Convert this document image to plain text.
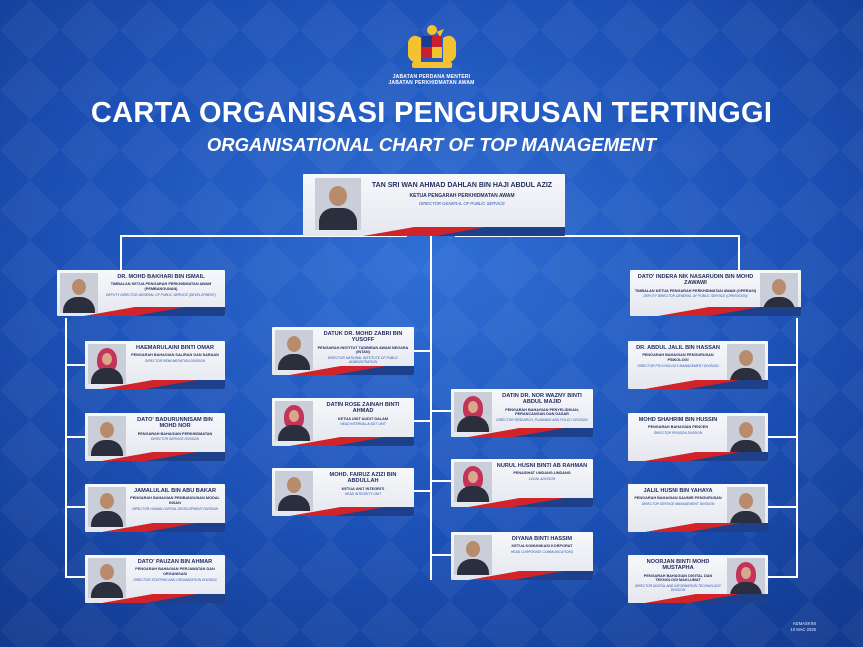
JABATAN PERDANA MENTERI
JABATAN PERKHIDMATAN AWAM
CARTA ORGANISASI PENGURUSAN TERTINGGI
ORGANISATIONAL CHART OF TOP MANAGEMENT
TAN SRI WAN AHMAD DAHLAN BIN HAJI ABDUL AZIZ
KETUA PENGARAH PERKHIDMATAN AWAM
DIRECTOR-GENERAL OF PUBLIC SERVICE
DR. MOHD BAKHARI BIN ISMAIL
TIMBALAN KETUA PENGARAH PERKHIDMATAN AWAM (PEMBANGUNAN)
DEPUTY DIRECTOR-GENERAL OF PUBLIC SERVICE (DEVELOPMENT)
DATO' INDERA NIK NASARUDIN BIN MOHD ZAWAWI
TIMBALAN KETUA PENGARAH PERKHIDMATAN AWAM (OPERASI)
DEPUTY DIRECTOR-GENERAL OF PUBLIC SERVICE (OPERATION)
HAEMARULAINI BINTI OMAR
PENGARAH BAHAGIAN SALIRAN DAN SARAAN
DIRECTOR REMUNERATION DIVISION
DATO' BADURUNNISAM BIN MOHD NOR
PENGARAH BAHAGIAN PERKHIDMATAN
DIRECTOR SERVICE DIVISION
JAMALULAIL BIN ABU BAKAR
PENGARAH BAHAGIAN PEMBANGUNAN MODAL INSAN
DIRECTOR HUMAN CAPITAL DEVELOPMENT DIVISION
DATO' PAUZAN BIN AHMAR
PENGARAH BAHAGIAN PERJAWATAN DAN ORGANISASI
DIRECTOR STAFFING AND ORGANIZATION DIVISION
DATUK DR. MOHD ZABRI BIN YUSOFF
PENGARAH INSTITUT TADBIRAN AWAM NEGARA (INTAN)
DIRECTOR NATIONAL INSTITUTE OF PUBLIC ADMINISTRATION
DATIN ROSE ZAINAH BINTI AHMAD
KETUA UNIT AUDIT DALAM
HEAD INTERNAL AUDIT UNIT
MOHD. FAIRUZ AZIZI BIN ABDULLAH
KETUA UNIT INTEGRITI
HEAD INTEGRITY UNIT
DATIN DR. NOR WAZNY BINTI ABDUL MAJID
PENGARAH BAHAGIAN PENYELIDIKAN, PERANCANGAN DAN DASAR
DIRECTOR RESEARCH, PLANNING AND POLICY DIVISION
NURUL HUSNI BINTI AB RAHMAN
PENASIHAT UNDANG-UNDANG
LEGAL ADVISOR
DIYANA BINTI HASSIM
KETUA KOMUNIKASI KORPORAT
HEAD CORPORATE COMMUNICATIONS
DR. ABDUL JALIL BIN HASSAN
PENGARAH BAHAGIAN PENGURUSAN PSIKOLOGI
DIRECTOR PSYCHOLOGY MANAGEMENT DIVISION
MOHD SHAHRIM BIN HUSSIN
PENGARAH BAHAGIAN PENCEN
DIRECTOR PENSION DIVISION
JALIL HUSNI BIN YAHAYA
PENGARAH BAHAGIAN SAUMIR PENGURUSAN
DIRECTOR SERVICE MANAGEMENT DIVISION
NOORJAN BINTI MOHD MUSTAPHA
PENGARAH BAHAGIAN DIGITAL DAN TEKNOLOGI MAKLUMAT
DIRECTOR DIGITAL AND INFORMATION TECHNOLOGY DIVISION
KEMASKINI
10 MAC 2025
